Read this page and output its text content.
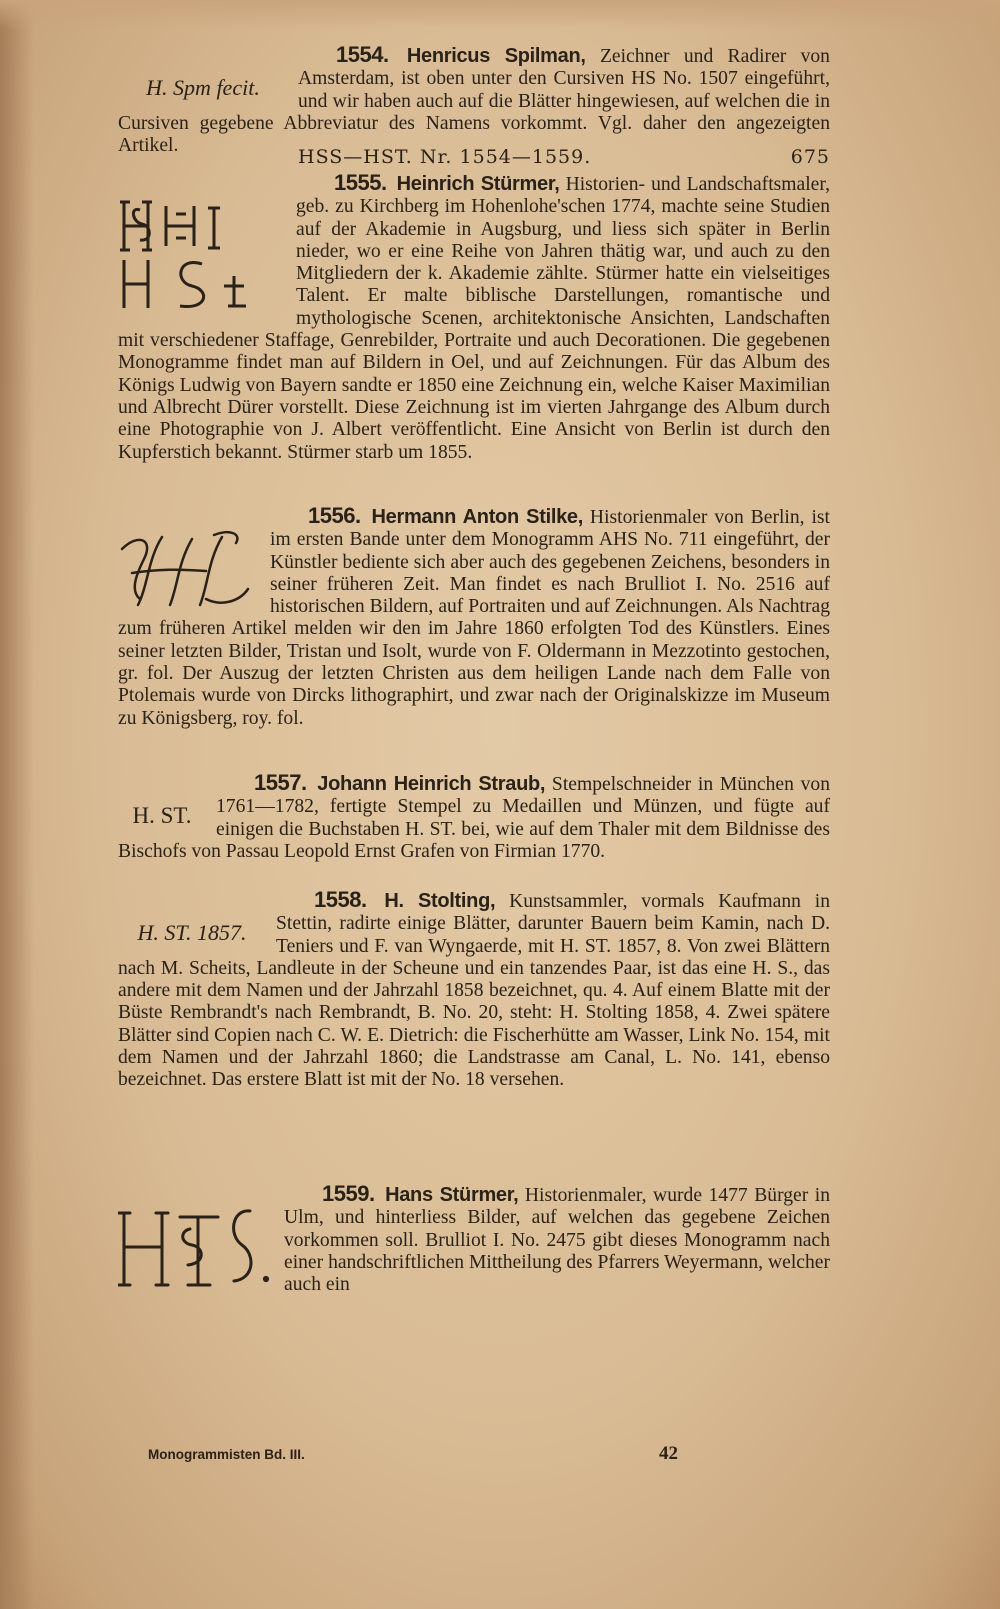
HSS—HST. Nr. 1554—1559.	675
H. Spm fecit.

1554. Henricus Spilman, Zeichner und Radirer von Amsterdam, ist oben unter den Cursiven HS No. 1507 eingeführt, und wir haben auch auf die Blätter hingewiesen, auf welchen die in Cursiven gegebene Abbreviatur des Namens vorkommt. Vgl. daher den angezeigten Artikel.

1555. Heinrich Stürmer, Historien- und Landschaftsmaler, geb. zu Kirchberg im Hohenlohe'schen 1774, machte seine Studien auf der Akademie in Augsburg, und liess sich später in Berlin nieder, wo er eine Reihe von Jahren thätig war, und auch zu den Mitgliedern der k. Akademie zählte. Stürmer hatte ein vielseitiges Talent. Er malte biblische Darstellungen, romantische und mythologische Scenen, architektonische Ansichten, Landschaften mit verschiedener Staffage, Genrebilder, Portraite und auch Decorationen. Die gegebenen Monogramme findet man auf Bildern in Oel, und auf Zeichnungen. Für das Album des Königs Ludwig von Bayern sandte er 1850 eine Zeichnung ein, welche Kaiser Maximilian und Albrecht Dürer vorstellt. Diese Zeichnung ist im vierten Jahrgange des Album durch eine Photographie von J. Albert veröffentlicht. Eine Ansicht von Berlin ist durch den Kupferstich bekannt. Stürmer starb um 1855.

1556. Hermann Anton Stilke, Historienmaler von Berlin, ist im ersten Bande unter dem Monogramm AHS No. 711 eingeführt, der Künstler bediente sich aber auch des gegebenen Zeichens, besonders in seiner früheren Zeit. Man findet es nach Brulliot I. No. 2516 auf historischen Bildern, auf Portraiten und auf Zeichnungen. Als Nachtrag zum früheren Artikel melden wir den im Jahre 1860 erfolgten Tod des Künstlers. Eines seiner letzten Bilder, Tristan und Isolt, wurde von F. Oldermann in Mezzotinto gestochen, gr. fol. Der Auszug der letzten Christen aus dem heiligen Lande nach dem Falle von Ptolemais wurde von Dircks lithographirt, und zwar nach der Originalskizze im Museum zu Königsberg, roy. fol.

H. ST.

1557. Johann Heinrich Straub, Stempelschneider in München von 1761—1782, fertigte Stempel zu Medaillen und Münzen, und fügte auf einigen die Buchstaben H. ST. bei, wie auf dem Thaler mit dem Bildnisse des Bischofs von Passau Leopold Ernst Grafen von Firmian 1770.

H. ST. 1857.

1558. H. Stolting, Kunstsammler, vormals Kaufmann in Stettin, radirte einige Blätter, darunter Bauern beim Kamin, nach D. Teniers und F. van Wyngaerde, mit H. ST. 1857, 8. Von zwei Blättern nach M. Scheits, Landleute in der Scheune und ein tanzendes Paar, ist das eine H. S., das andere mit dem Namen und der Jahrzahl 1858 bezeichnet, qu. 4. Auf einem Blatte mit der Büste Rembrandt's nach Rembrandt, B. No. 20, steht: H. Stolting 1858, 4. Zwei spätere Blätter sind Copien nach C. W. E. Dietrich: die Fischerhütte am Wasser, Link No. 154, mit dem Namen und der Jahrzahl 1860; die Landstrasse am Canal, L. No. 141, ebenso bezeichnet. Das erstere Blatt ist mit der No. 18 versehen.

1559. Hans Stürmer, Historienmaler, wurde 1477 Bürger in Ulm, und hinterliess Bilder, auf welchen das gegebene Zeichen vorkommen soll. Brulliot I. No. 2475 gibt dieses Monogramm nach einer handschriftlichen Mittheilung des Pfarrers Weyermann, welcher auch ein

Monogrammisten Bd. III.	42
